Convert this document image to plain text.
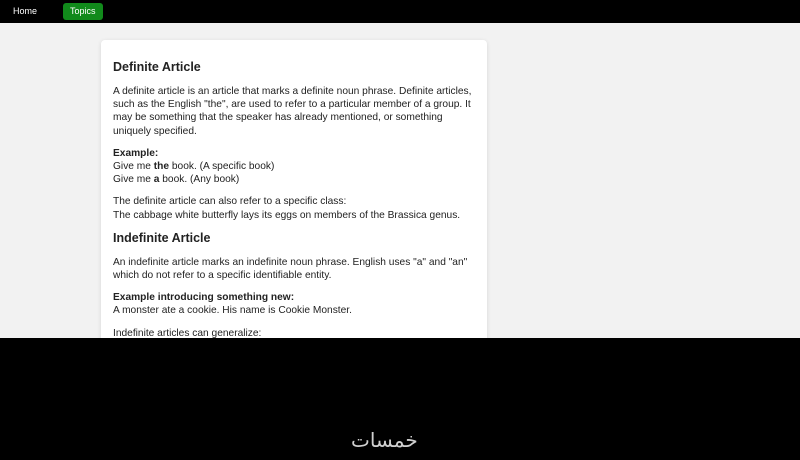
Home	Topics
Definite Article

A definite article is an article that marks a definite noun phrase. Definite articles, such as the English "the", are used to refer to a particular member of a group. It may be something that the speaker has already mentioned, or something uniquely specified.

Example:
Give me the book. (A specific book)
Give me a book. (Any book)

The definite article can also refer to a specific class:
The cabbage white butterfly lays its eggs on members of the Brassica genus.

Indefinite Article

An indefinite article marks an indefinite noun phrase. English uses "a" and "an" which do not refer to a specific identifiable entity.

Example introducing something new:
A monster ate a cookie. His name is Cookie Monster.

Indefinite articles can generalize:

خمسات
